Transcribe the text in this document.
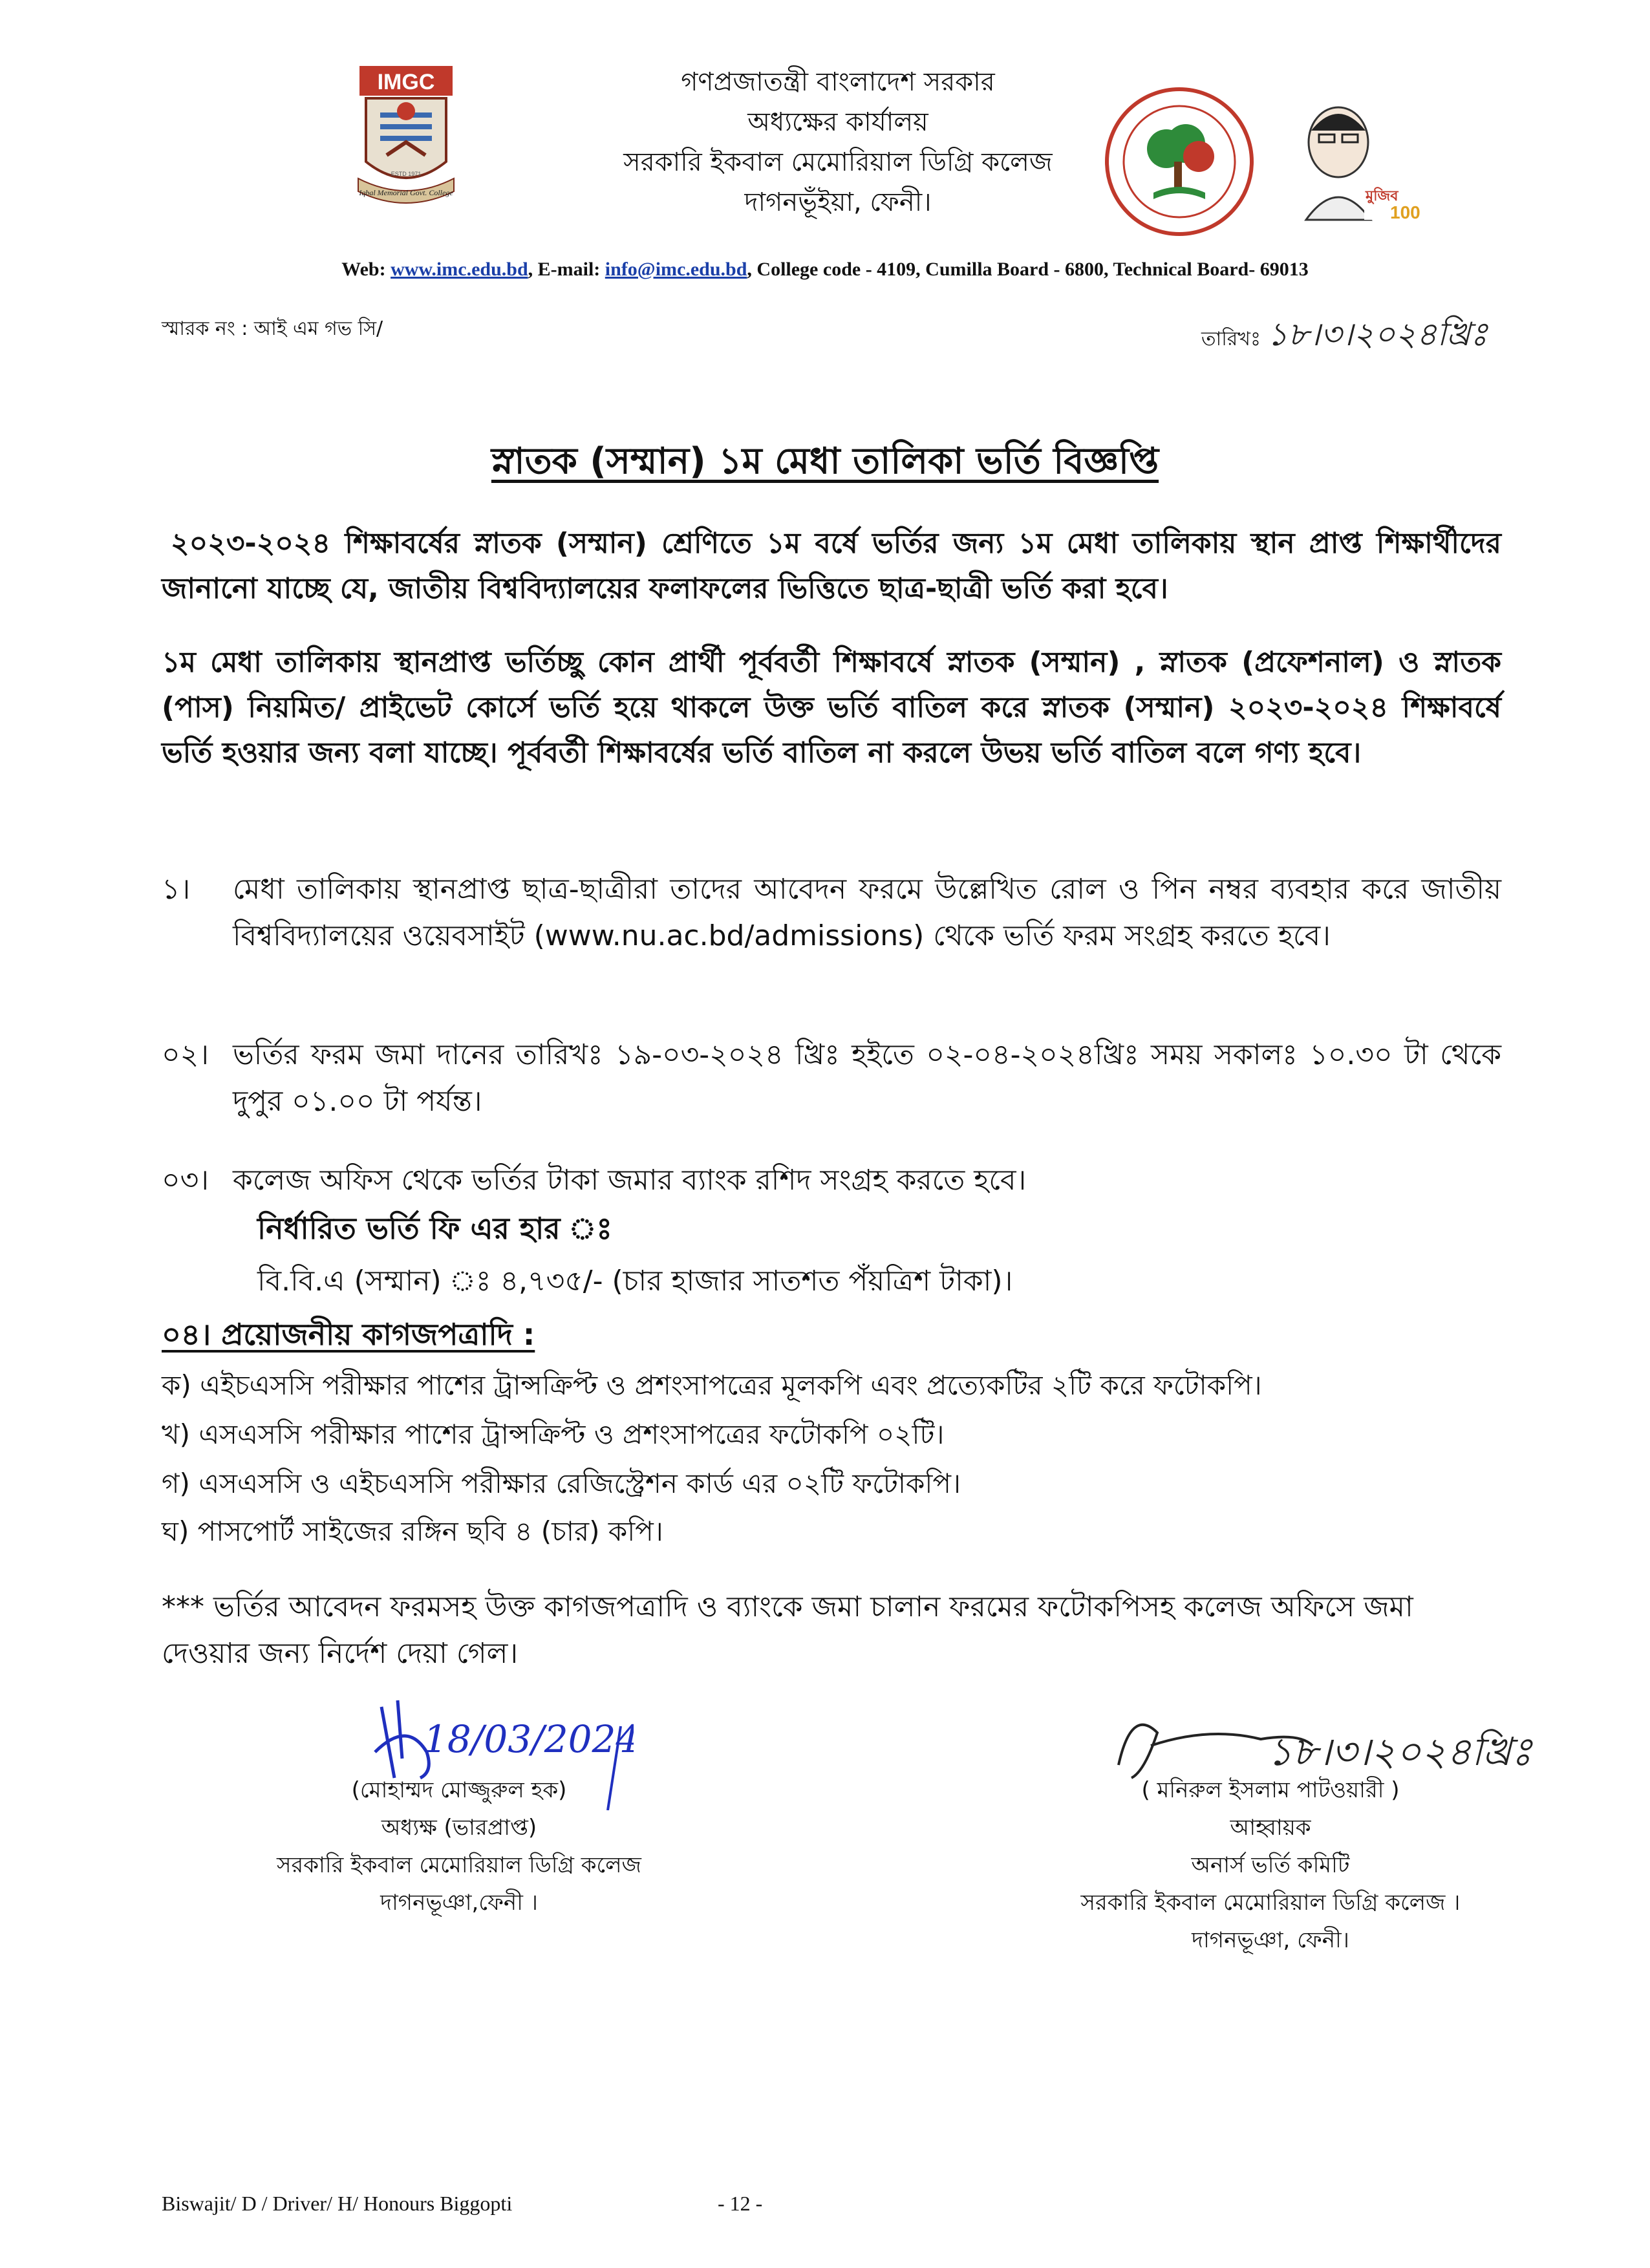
IMGC
ESTD 1971
Iqbal Memorial Govt. College
গণপ্রজাতন্ত্রী বাংলাদেশ সরকার
অধ্যক্ষের কার্যালয়
সরকারি ইকবাল মেমোরিয়াল ডিগ্রি কলেজ
দাগনভূঁইয়া, ফেনী।	মুজিব
100
Web: www.imc.edu.bd, E-mail: info@imc.edu.bd, College code - 4109, Cumilla Board - 6800, Technical Board- 69013
স্মারক নং : আই এম গভ সি/	তারিখঃ ১৮।৩।২০২৪খ্রিঃ
স্নাতক (সম্মান) ১ম মেধা তালিকা ভর্তি বিজ্ঞপ্তি
২০২৩-২০২৪ শিক্ষাবর্ষের স্নাতক (সম্মান) শ্রেণিতে ১ম বর্ষে ভর্তির জন্য ১ম মেধা তালিকায় স্থান প্রাপ্ত শিক্ষার্থীদের জানানো যাচ্ছে যে, জাতীয় বিশ্ববিদ্যালয়ের ফলাফলের ভিত্তিতে ছাত্র-ছাত্রী ভর্তি করা হবে।
১ম মেধা তালিকায় স্থানপ্রাপ্ত ভর্তিচ্ছু কোন প্রার্থী পূর্ববর্তী শিক্ষাবর্ষে স্নাতক (সম্মান) , স্নাতক (প্রফেশনাল) ও স্নাতক (পাস) নিয়মিত/ প্রাইভেট কোর্সে ভর্তি হয়ে থাকলে উক্ত ভর্তি বাতিল করে স্নাতক (সম্মান) ২০২৩-২০২৪ শিক্ষাবর্ষে ভর্তি হওয়ার জন্য বলা যাচ্ছে। পূর্ববর্তী শিক্ষাবর্ষের ভর্তি বাতিল না করলে উভয় ভর্তি বাতিল বলে গণ্য হবে।
১। মেধা তালিকায় স্থানপ্রাপ্ত ছাত্র-ছাত্রীরা তাদের আবেদন ফরমে উল্লেখিত রোল ও পিন নম্বর ব্যবহার করে জাতীয় বিশ্ববিদ্যালয়ের ওয়েবসাইট (www.nu.ac.bd/admissions) থেকে ভর্তি ফরম সংগ্রহ করতে হবে।
০২। ভর্তির ফরম জমা দানের তারিখঃ ১৯-০৩-২০২৪ খ্রিঃ হইতে ০২-০৪-২০২৪খ্রিঃ সময় সকালঃ ১০.৩০ টা থেকে দুপুর ০১.০০ টা পর্যন্ত।
০৩। কলেজ অফিস থেকে ভর্তির টাকা জমার ব্যাংক রশিদ সংগ্রহ করতে হবে।
নির্ধারিত ভর্তি ফি এর হার ঃ
বি.বি.এ (সম্মান) ঃ ৪,৭৩৫/- (চার হাজার সাতশত পঁয়ত্রিশ টাকা)।
০৪। প্রয়োজনীয় কাগজপত্রাদি :
ক) এইচএসসি পরীক্ষার পাশের ট্রান্সক্রিপ্ট ও প্রশংসাপত্রের মূলকপি এবং প্রত্যেকটির ২টি করে ফটোকপি।
খ) এসএসসি পরীক্ষার পাশের ট্রান্সক্রিপ্ট ও প্রশংসাপত্রের ফটোকপি ০২টি।
গ) এসএসসি ও এইচএসসি পরীক্ষার রেজিস্ট্রেশন কার্ড এর ০২টি ফটোকপি।
ঘ) পাসপোর্ট সাইজের রঙ্গিন ছবি ৪ (চার) কপি।
*** ভর্তির আবেদন ফরমসহ উক্ত কাগজপত্রাদি ও ব্যাংকে জমা চালান ফরমের ফটোকপিসহ কলেজ অফিসে জমা দেওয়ার জন্য নির্দেশ দেয়া গেল।
18/03/2024
(মোহাম্মদ মোজ্জুরুল হক)
অধ্যক্ষ (ভারপ্রাপ্ত)
সরকারি ইকবাল মেমোরিয়াল ডিগ্রি কলেজ
দাগনভূঞা,ফেনী ।
১৮।৩।২০২৪খ্রিঃ
( মনিরুল ইসলাম পাটওয়ারী )
আহ্বায়ক
অনার্স ভর্তি কমিটি
সরকারি ইকবাল মেমোরিয়াল ডিগ্রি কলেজ ।
দাগনভূঞা, ফেনী।
Biswajit/ D / Driver/ H/ Honours Biggopti	- 12 -
